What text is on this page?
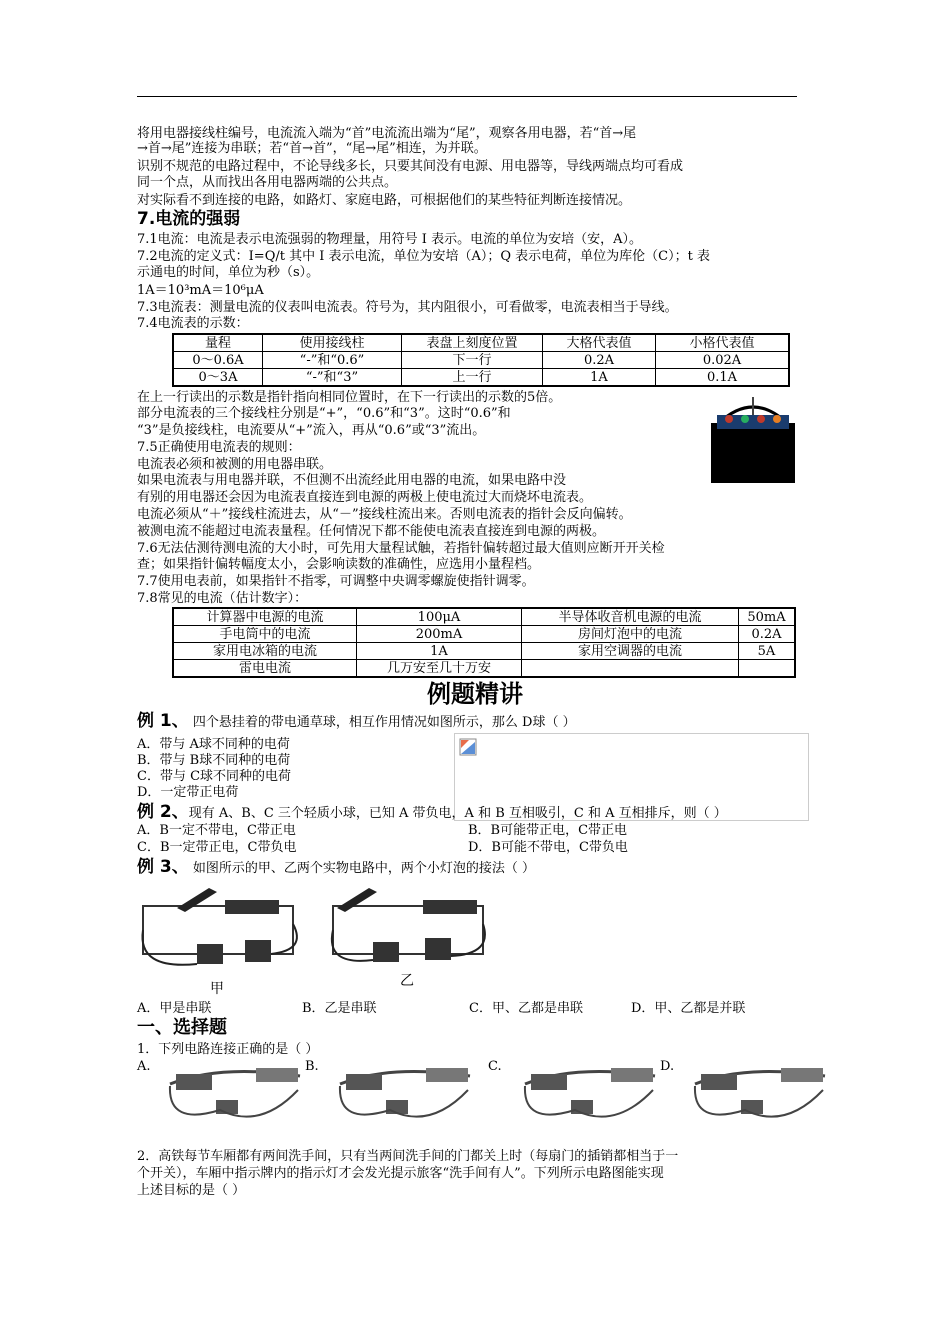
将用电器接线柱编号，电流流入端为“首”电流流出端为“尾”，观察各用电器，若“首→尾
→首→尾”连接为串联；若“首→首”，“尾→尾”相连，为并联。
识别不规范的电路过程中，不论导线多长，只要其间没有电源、用电器等，导线两端点均可看成
同一个点，从而找出各用电器两端的公共点。
对实际看不到连接的电路，如路灯、家庭电路，可根据他们的某些特征判断连接情况。
7.电流的强弱
7.1电流：电流是表示电流强弱的物理量，用符号 I 表示。电流的单位为安培（安，A）。
7.2电流的定义式：I=Q/t 其中 I 表示电流，单位为安培（A）；Q 表示电荷，单位为库伦（C）；t 表
示通电的时间，单位为秒（s）。
1A＝10³mA＝10⁶μA
7.3电流表：测量电流的仪表叫电流表。符号为，其内阻很小，可看做零，电流表相当于导线。
7.4电流表的示数：
量程	使用接线柱	表盘上刻度位置	大格代表值	小格代表值
0～0.6A	“-”和“0.6”	下一行	0.2A	0.02A
0～3A	“-”和“3”	上一行	1A	0.1A
在上一行读出的示数是指针指向相同位置时，在下一行读出的示数的5倍。
部分电流表的三个接线柱分别是“+”，“0.6”和“3”。这时“0.6”和
“3”是负接线柱，电流要从“+”流入，再从“0.6”或“3”流出。
7.5正确使用电流表的规则：
电流表必须和被测的用电器串联。
如果电流表与用电器并联，不但测不出流经此用电器的电流，如果电路中没
有别的用电器还会因为电流表直接连到电源的两极上使电流过大而烧坏电流表。
电流必须从“＋”接线柱流进去，从“－”接线柱流出来。否则电流表的指针会反向偏转。
被测电流不能超过电流表量程。任何情况下都不能使电流表直接连到电源的两极。
7.6无法估测待测电流的大小时，可先用大量程试触，若指针偏转超过最大值则应断开开关检
查；如果指针偏转幅度太小，会影响读数的准确性，应选用小量程档。
7.7使用电表前，如果指针不指零，可调整中央调零螺旋使指针调零。
7.8常见的电流（估计数字）：
计算器中电源的电流	100μA	半导体收音机电源的电流	50mA
手电筒中的电流	200mA	房间灯泡中的电流	0.2A
家用电冰箱的电流	1A	家用空调器的电流	5A
雷电电流	几万安至几十万安		
例题精讲
例 1、 四个悬挂着的带电通草球，相互作用情况如图所示，那么 D球（ ）
A．带与 A球不同种的电荷
B．带与 B球不同种的电荷
C．带与 C球不同种的电荷
D．一定带正电荷
例 2、现有 A、B、C 三个轻质小球，已知 A 带负电，A 和 B 互相吸引，C 和 A 互相排斥，则（ ）
A．B一定不带电，C带正电	B．B可能带正电，C带正电
C．B一定带正电，C带负电	D．B可能不带电，C带负电
例 3、 如图所示的甲、乙两个实物电路中，两个小灯泡的接法（ ）
甲	乙
A．甲是串联	B．乙是串联	C．甲、乙都是串联	D．甲、乙都是并联
一、选择题
1．下列电路连接正确的是（ ）
A.	B.	C.	D.
2．高铁每节车厢都有两间洗手间，只有当两间洗手间的门都关上时（每扇门的插销都相当于一
个开关），车厢中指示牌内的指示灯才会发光提示旅客“洗手间有人”。下列所示电路图能实现
上述目标的是（ ）
